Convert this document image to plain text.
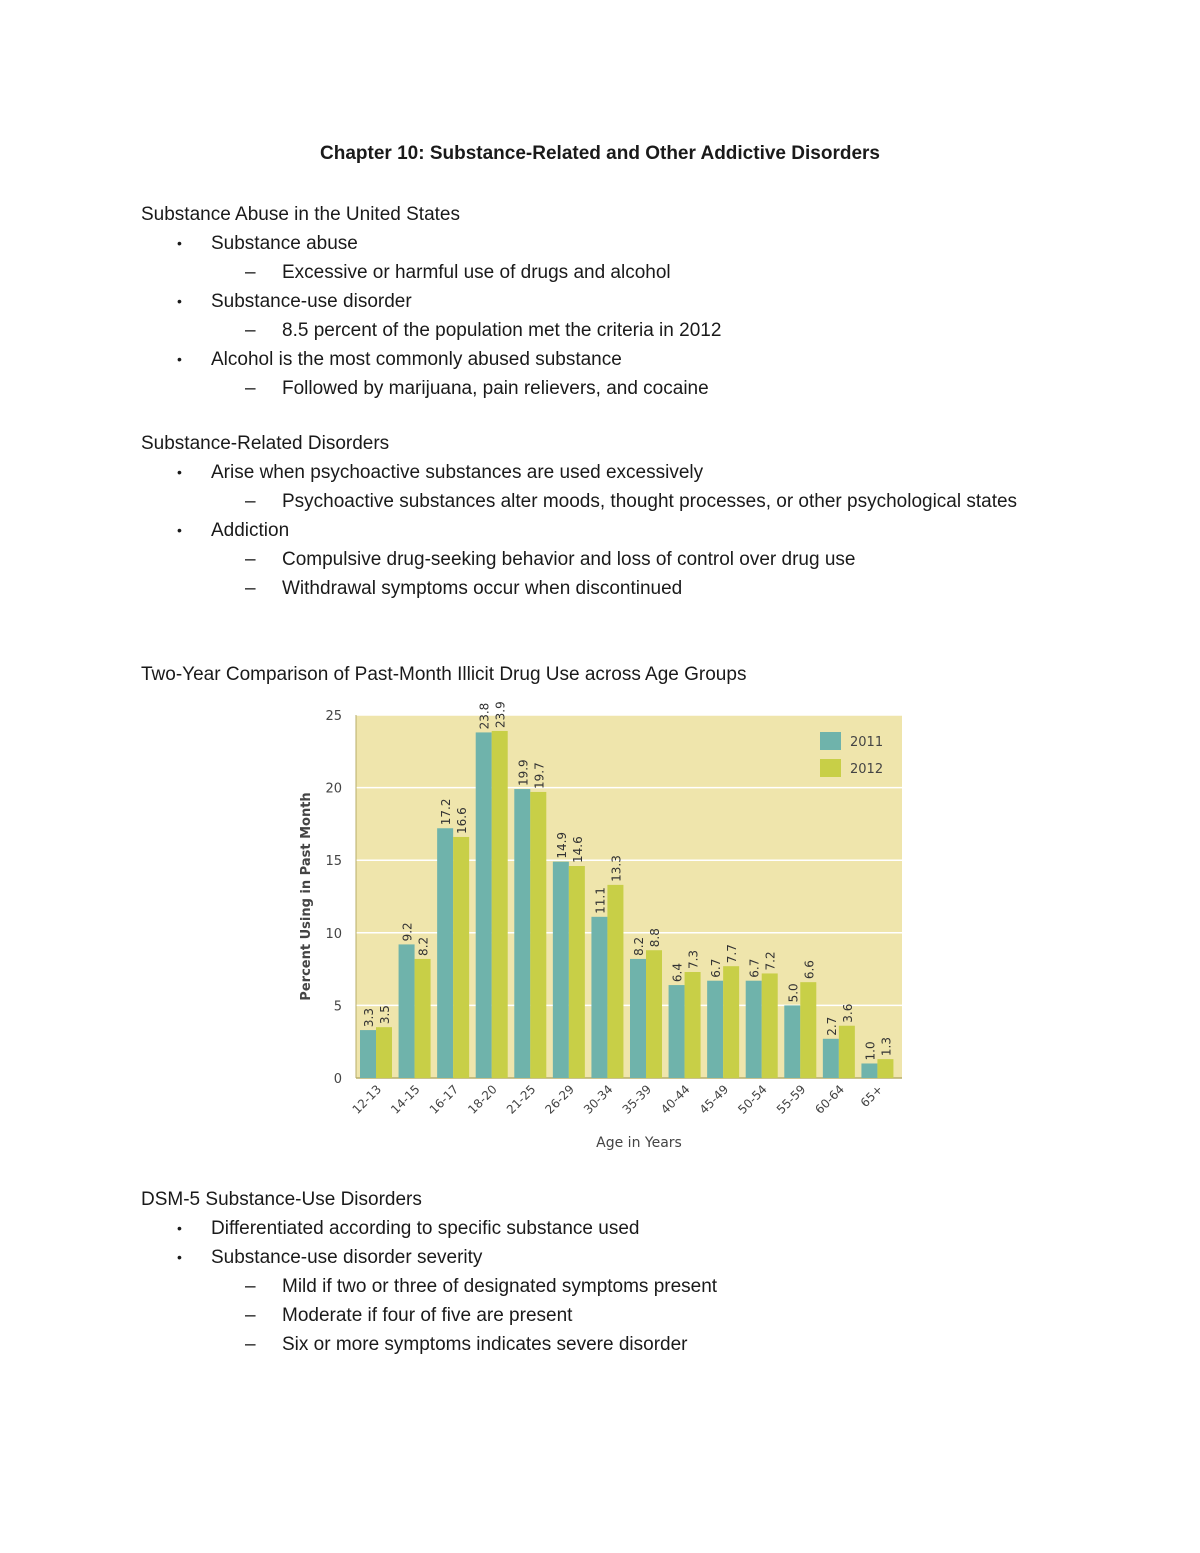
Chapter 10: Substance-Related and Other Addictive Disorders
Substance Abuse in the United States
• Substance abuse
– Excessive or harmful use of drugs and alcohol
• Substance-use disorder
– 8.5 percent of the population met the criteria in 2012
• Alcohol is the most commonly abused substance
– Followed by marijuana, pain relievers, and cocaine
Substance-Related Disorders
• Arise when psychoactive substances are used excessively
– Psychoactive substances alter moods, thought processes, or other psychological states
• Addiction
– Compulsive drug-seeking behavior and loss of control over drug use
– Withdrawal symptoms occur when discontinued
Two-Year Comparison of Past-Month Illicit Drug Use across Age Groups
0
5
10
15
20
25
3.3 3.5
12-13
9.2
8.2
14-15
17.2 16.6
16-17
23.8 23.9
18-20
19.9 19.7
21-25
14.9 14.6
26-29
11.1
13.3
30-34
8.2 8.8
35-39
6.4
7.3
40-44
6.7
7.7
45-49
6.7 7.2
50-54
5.0
6.6
55-59
2.7
3.6
60-64
1.0 1.3
65+
2011
2012
Age in Years
Percent Using in Past Month
DSM-5 Substance-Use Disorders
• Differentiated according to specific substance used
• Substance-use disorder severity
– Mild if two or three of designated symptoms present
– Moderate if four of five are present
– Six or more symptoms indicates severe disorder
